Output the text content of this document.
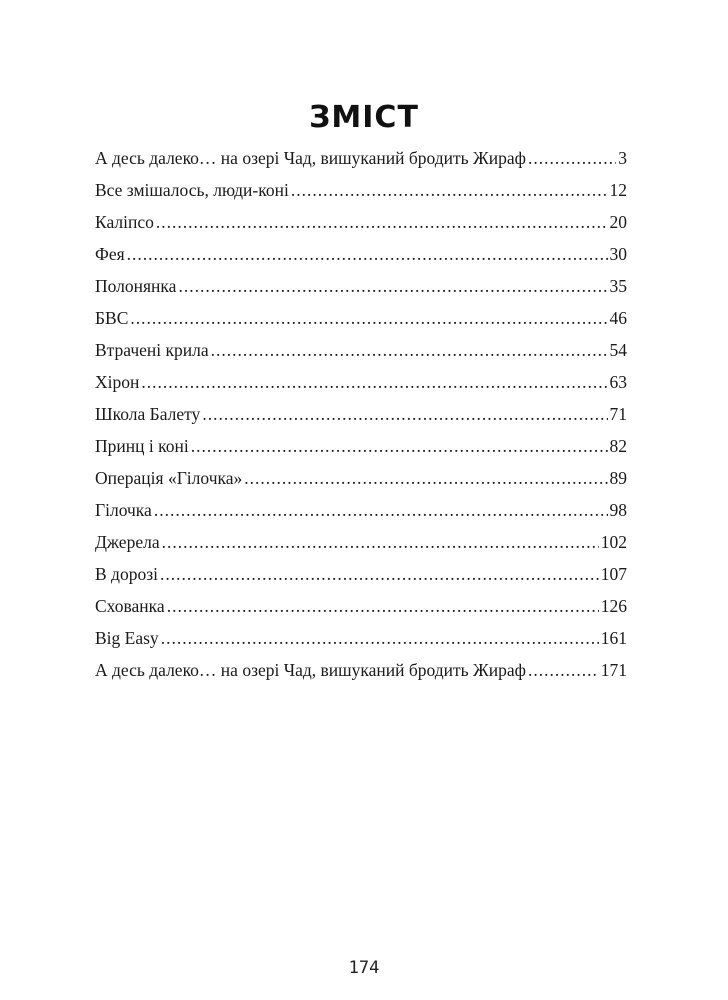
ЗМІСТ
А десь далеко… на озері Чад, вишуканий бродить Жираф .....	3
Все змішалось, люди-коні .....	12
Каліпсо .....	20
Фея .....	30
Полонянка .....	35
БВС .....	46
Втрачені крила .....	54
Хірон .....	63
Школа Балету .....	71
Принц і коні .....	82
Операція «Гілочка» .....	89
Гілочка .....	98
Джерела .....	102
В дорозі .....	107
Схованка .....	126
Big Easy .....	161
А десь далеко… на озері Чад, вишуканий бродить Жираф .....	171
174
